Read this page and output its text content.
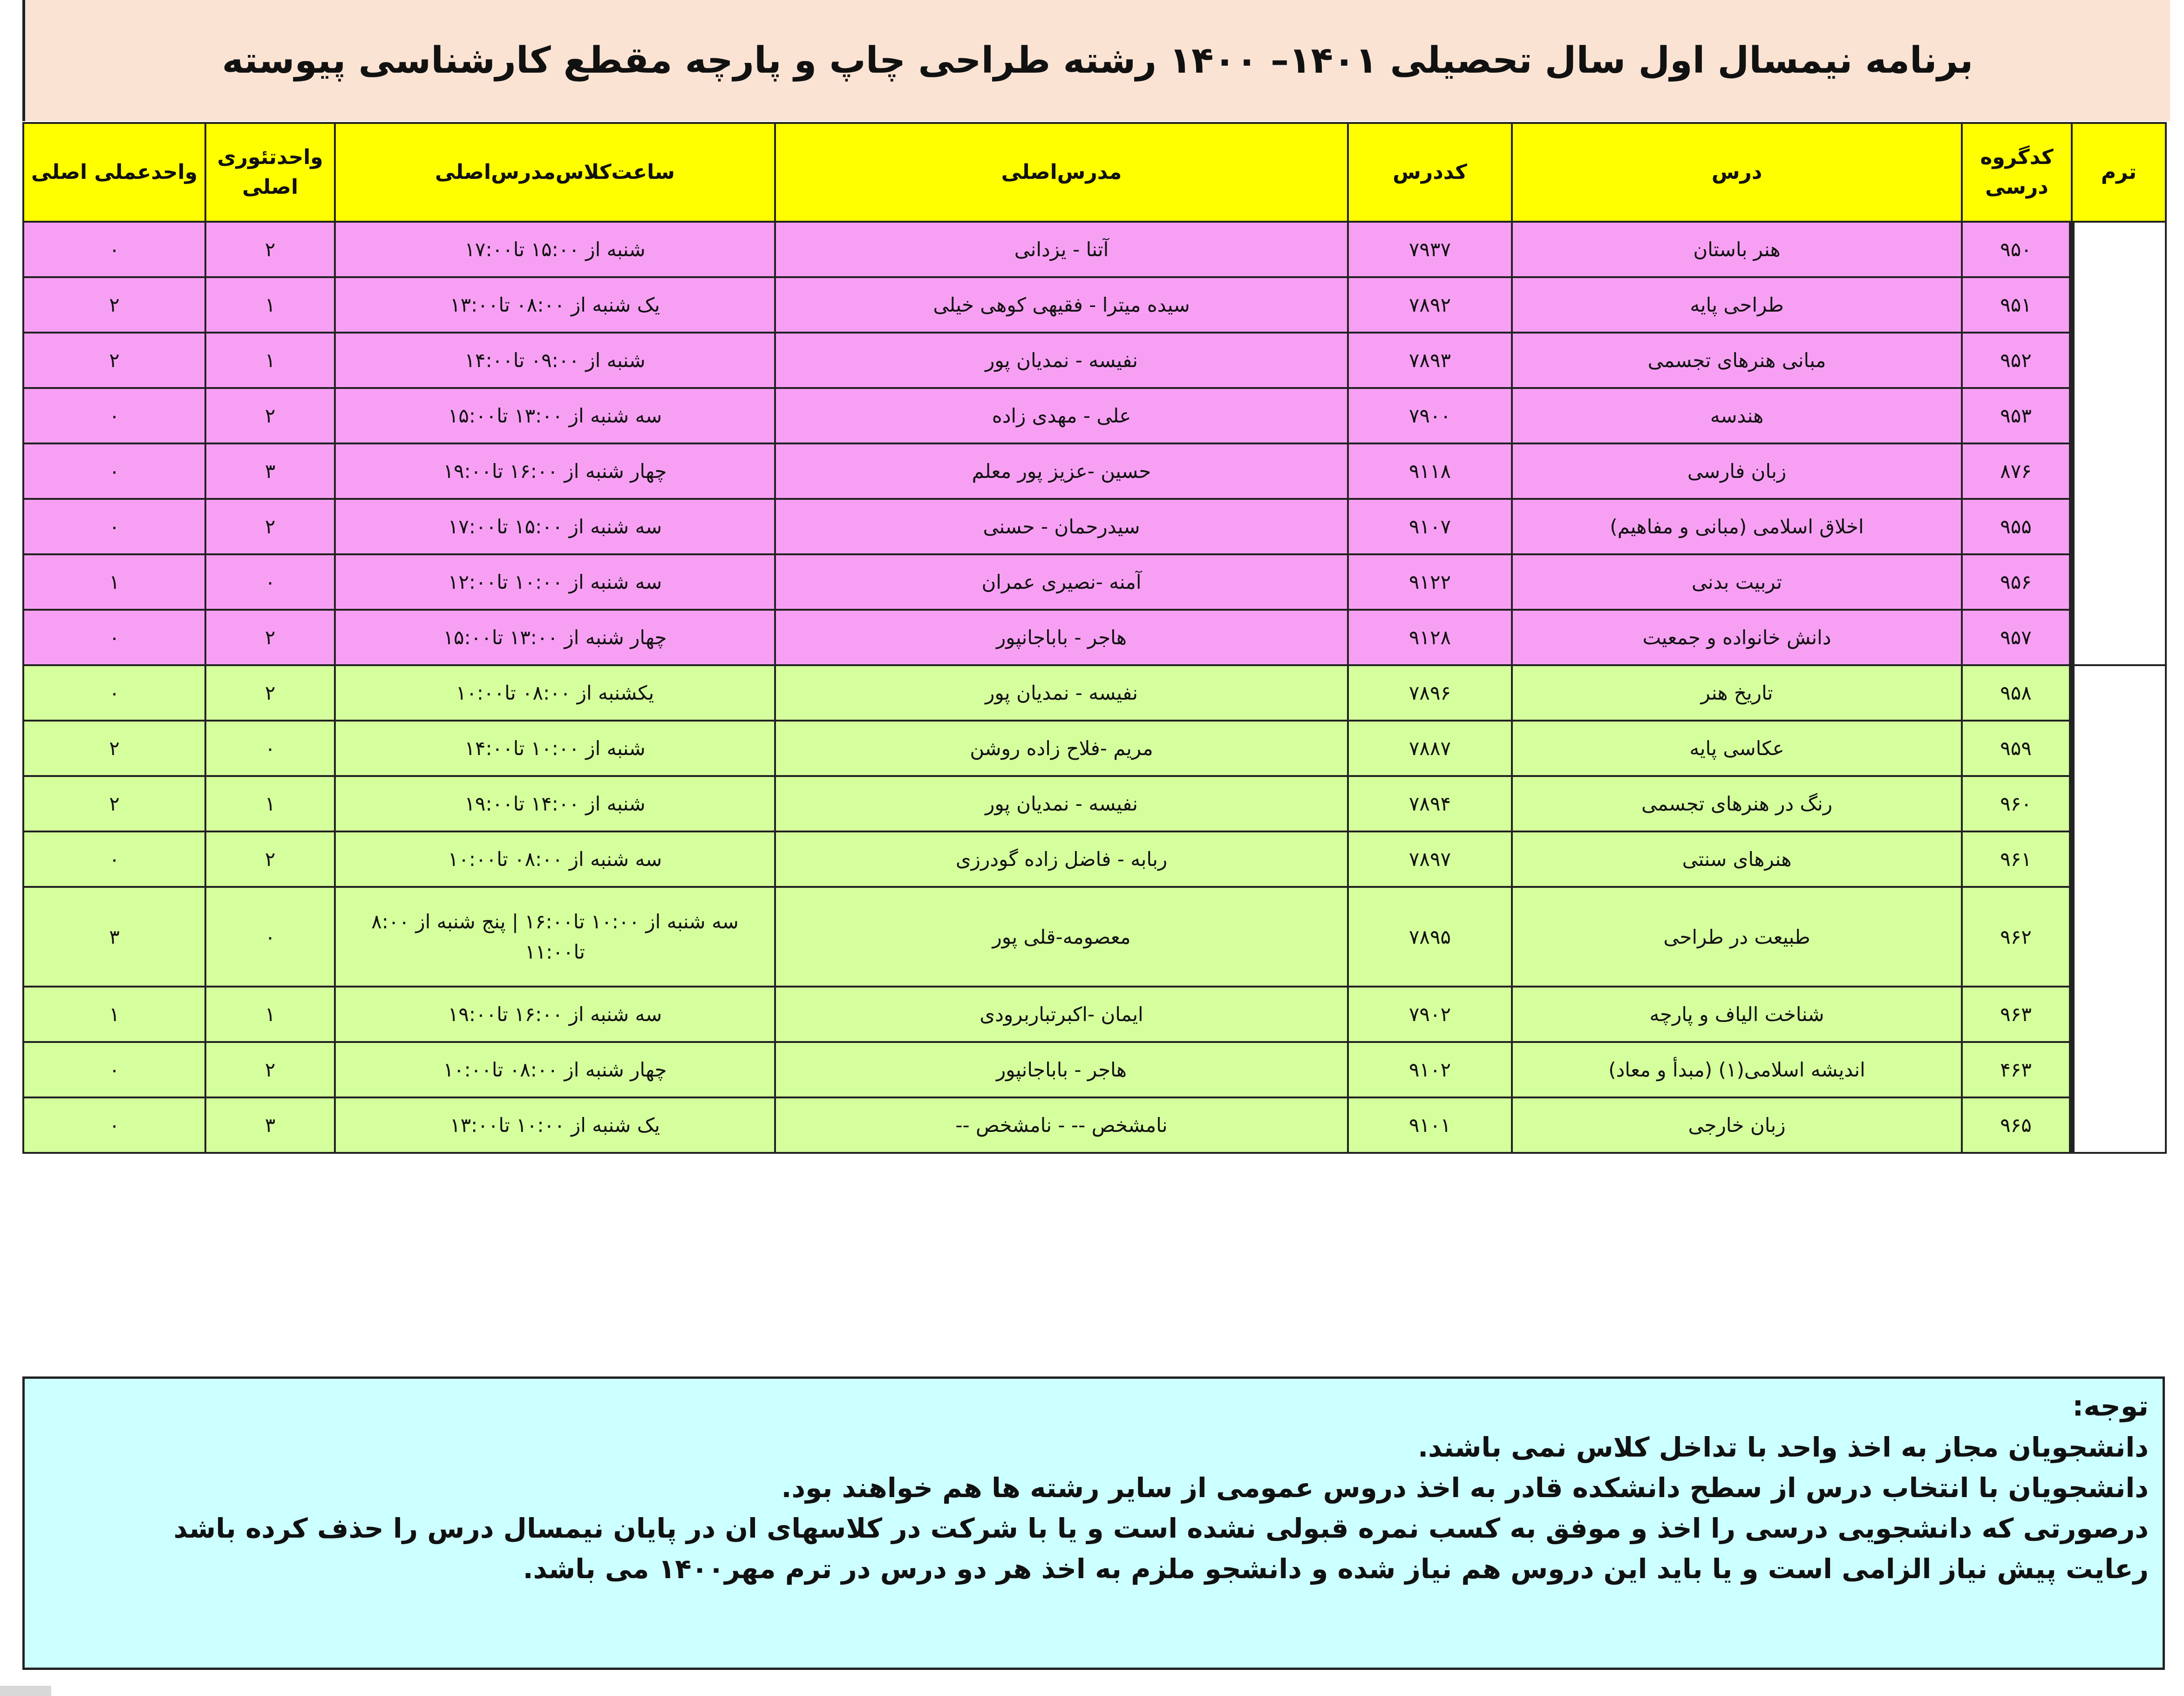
برنامه نیمسال اول سال تحصیلی ۱۴۰۱– ۱۴۰۰ رشته طراحی چاپ و پارچه مقطع کارشناسی پیوسته
ترم	کدگروه درسی	درس	کددرس	مدرس‌اصلی	ساعت‌کلاس‌مدرس‌اصلی	واحدتئوری اصلی	واحدعملی اصلی
	۹۵۰	هنر باستان	۷۹۳۷	آتنا - یزدانی	شنبه از ۱۵:۰۰ تا۱۷:۰۰	۲	۰
	۹۵۱	طراحی پایه	۷۸۹۲	سیده میترا - فقیهی کوهی خیلی	یک شنبه از ۰۸:۰۰ تا۱۳:۰۰	۱	۲
	۹۵۲	مبانی هنرهای تجسمی	۷۸۹۳	نفیسه - نمدیان پور	شنبه از ۰۹:۰۰ تا۱۴:۰۰	۱	۲
	۹۵۳	هندسه	۷۹۰۰	علی - مهدی زاده	سه شنبه از ۱۳:۰۰ تا۱۵:۰۰	۲	۰
	۸۷۶	زبان فارسی	۹۱۱۸	حسین -عزیز پور معلم	چهار شنبه از ۱۶:۰۰ تا۱۹:۰۰	۳	۰
	۹۵۵	اخلاق اسلامی (مبانی و مفاهیم)	۹۱۰۷	سیدرحمان - حسنی	سه شنبه از ۱۵:۰۰ تا۱۷:۰۰	۲	۰
	۹۵۶	تربیت بدنی	۹۱۲۲	آمنه -نصیری عمران	سه شنبه از ۱۰:۰۰ تا۱۲:۰۰	۰	۱
	۹۵۷	دانش خانواده و جمعیت	۹۱۲۸	هاجر - باباجانپور	چهار شنبه از ۱۳:۰۰ تا۱۵:۰۰	۲	۰
	۹۵۸	تاریخ هنر	۷۸۹۶	نفیسه - نمدیان پور	یکشنبه از ۰۸:۰۰ تا۱۰:۰۰	۲	۰
	۹۵۹	عکاسی پایه	۷۸۸۷	مریم -فلاح زاده روشن	شنبه از ۱۰:۰۰ تا۱۴:۰۰	۰	۲
	۹۶۰	رنگ در هنرهای تجسمی	۷۸۹۴	نفیسه - نمدیان پور	شنبه از ۱۴:۰۰ تا۱۹:۰۰	۱	۲
	۹۶۱	هنرهای سنتی	۷۸۹۷	ربابه - فاضل زاده گودرزی	سه شنبه از ۰۸:۰۰ تا۱۰:۰۰	۲	۰
	۹۶۲	طبیعت در طراحی	۷۸۹۵	معصومه-قلی پور	سه شنبه از ۱۰:۰۰ تا۱۶:۰۰ | پنج شنبه از ۸:۰۰ تا۱۱:۰۰	۰	۳
	۹۶۳	شناخت الیاف و پارچه	۷۹۰۲	ایمان -اکبرتباربرودی	سه شنبه از ۱۶:۰۰ تا۱۹:۰۰	۱	۱
	۴۶۳	اندیشه اسلامی(۱) (مبدأ و معاد)	۹۱۰۲	هاجر - باباجانپور	چهار شنبه از ۰۸:۰۰ تا۱۰:۰۰	۲	۰
	۹۶۵	زبان خارجی	۹۱۰۱	نامشخص -- - نامشخص --	یک شنبه از ۱۰:۰۰ تا۱۳:۰۰	۳	۰
توجه:
دانشجویان مجاز به اخذ واحد با تداخل کلاس نمی باشند.
دانشجویان با انتخاب درس از سطح دانشکده قادر به اخذ دروس عمومی از سایر رشته ها هم خواهند بود.
درصورتی که دانشجویی درسی را اخذ و موفق به کسب نمره قبولی نشده است و یا با شرکت در کلاسهای ان در پایان نیمسال درس را حذف کرده باشد
رعایت پیش نیاز الزامی است و یا باید این دروس هم نیاز شده و دانشجو ملزم به اخذ هر دو درس در ترم مهر۱۴۰۰ می باشد.
